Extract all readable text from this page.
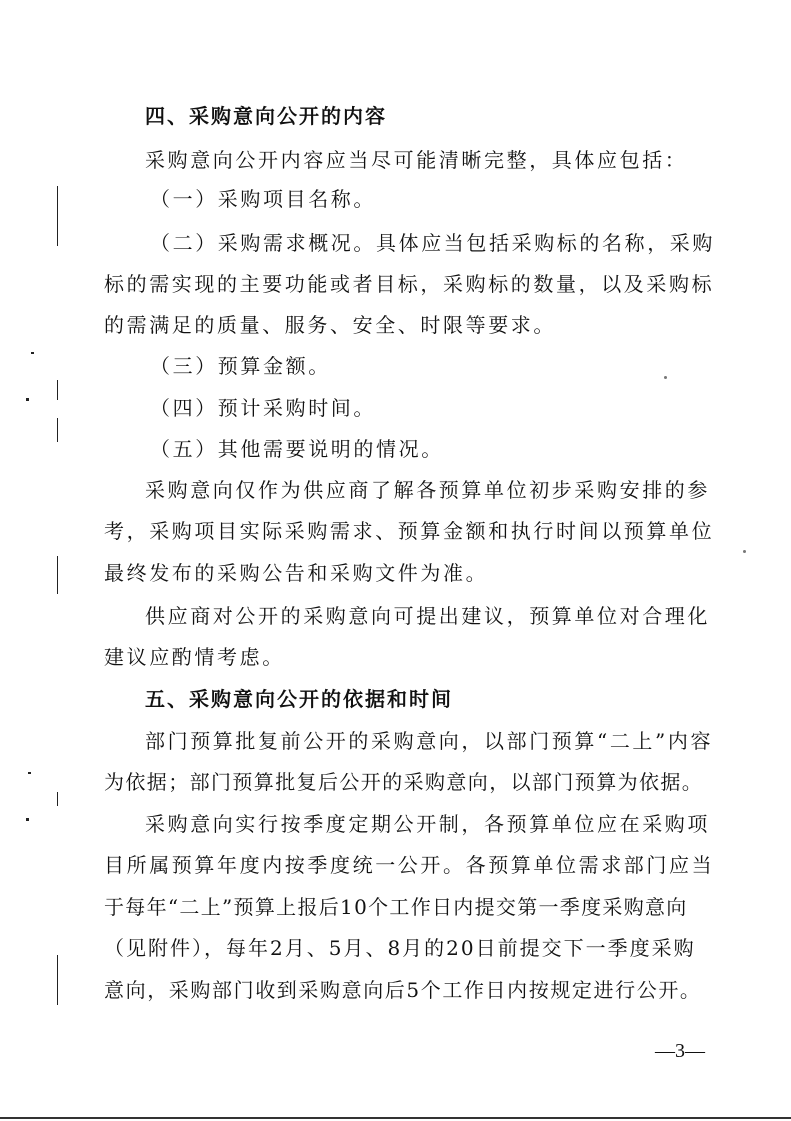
四、采购意向公开的内容
采购意向公开内容应当尽可能清晰完整，具体应包括：
（一）采购项目名称。
（二）采购需求概况。具体应当包括采购标的名称，采购
标的需实现的主要功能或者目标，采购标的数量，以及采购标
的需满足的质量、服务、安全、时限等要求。
（三）预算金额。
（四）预计采购时间。
（五）其他需要说明的情况。
采购意向仅作为供应商了解各预算单位初步采购安排的参
考，采购项目实际采购需求、预算金额和执行时间以预算单位
最终发布的采购公告和采购文件为准。
供应商对公开的采购意向可提出建议，预算单位对合理化
建议应酌情考虑。
五、采购意向公开的依据和时间
部门预算批复前公开的采购意向，以部门预算“二上”内容
为依据；部门预算批复后公开的采购意向，以部门预算为依据。
采购意向实行按季度定期公开制，各预算单位应在采购项
目所属预算年度内按季度统一公开。各预算单位需求部门应当
于每年“二上”预算上报后10个工作日内提交第一季度采购意向
（见附件），每年2月、5月、8月的20日前提交下一季度采购
意向，采购部门收到采购意向后5个工作日内按规定进行公开。
—3—
